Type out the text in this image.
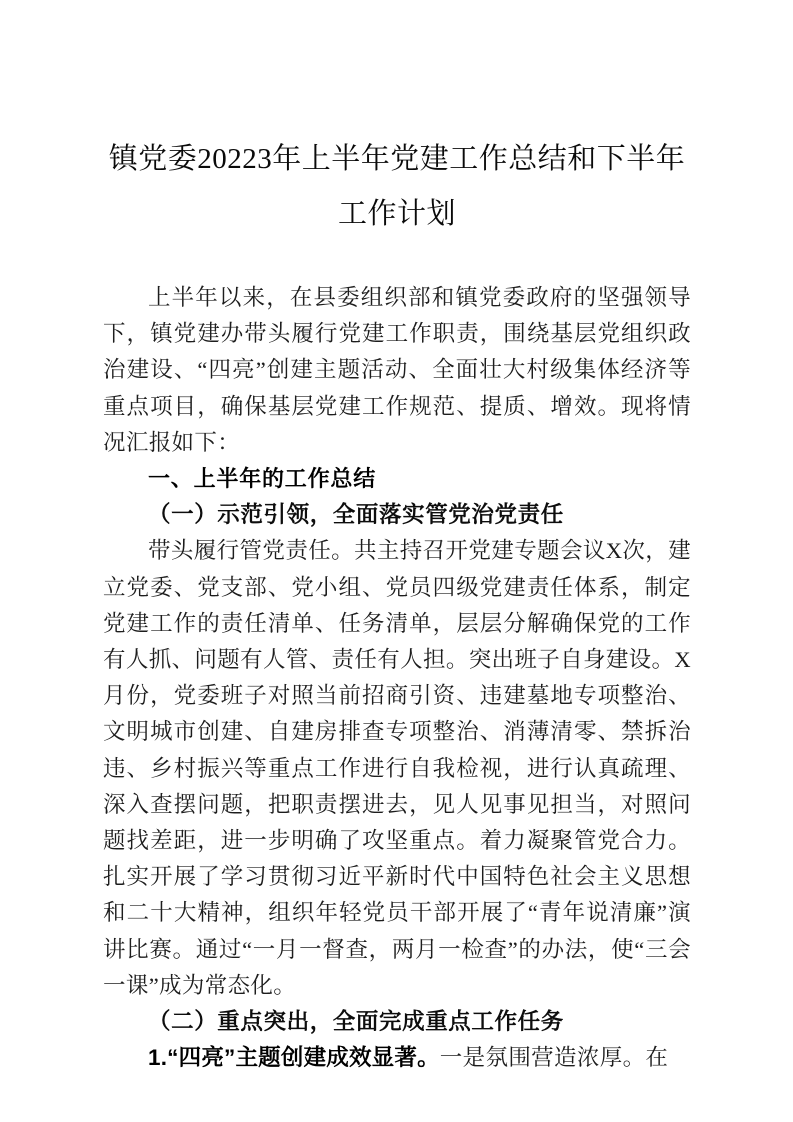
镇党委20223年上半年党建工作总结和下半年工作计划

上半年以来，在县委组织部和镇党委政府的坚强领导下，镇党建办带头履行党建工作职责，围绕基层党组织政治建设、“四亮”创建主题活动、全面壮大村级集体经济等重点项目，确保基层党建工作规范、提质、增效。现将情况汇报如下：

一、上半年的工作总结

（一）示范引领，全面落实管党治党责任

带头履行管党责任。共主持召开党建专题会议X次，建立党委、党支部、党小组、党员四级党建责任体系，制定党建工作的责任清单、任务清单，层层分解确保党的工作有人抓、问题有人管、责任有人担。突出班子自身建设。X月份，党委班子对照当前招商引资、违建墓地专项整治、文明城市创建、自建房排查专项整治、消薄清零、禁拆治违、乡村振兴等重点工作进行自我检视，进行认真疏理、深入查摆问题，把职责摆进去，见人见事见担当，对照问题找差距，进一步明确了攻坚重点。着力凝聚管党合力。扎实开展了学习贯彻习近平新时代中国特色社会主义思想和二十大精神，组织年轻党员干部开展了“青年说清廉”演讲比赛。通过“一月一督查，两月一检查”的办法，使“三会一课”成为常态化。

（二）重点突出，全面完成重点工作任务

1.“四亮”主题创建成效显著。一是氛围营造浓厚。在
